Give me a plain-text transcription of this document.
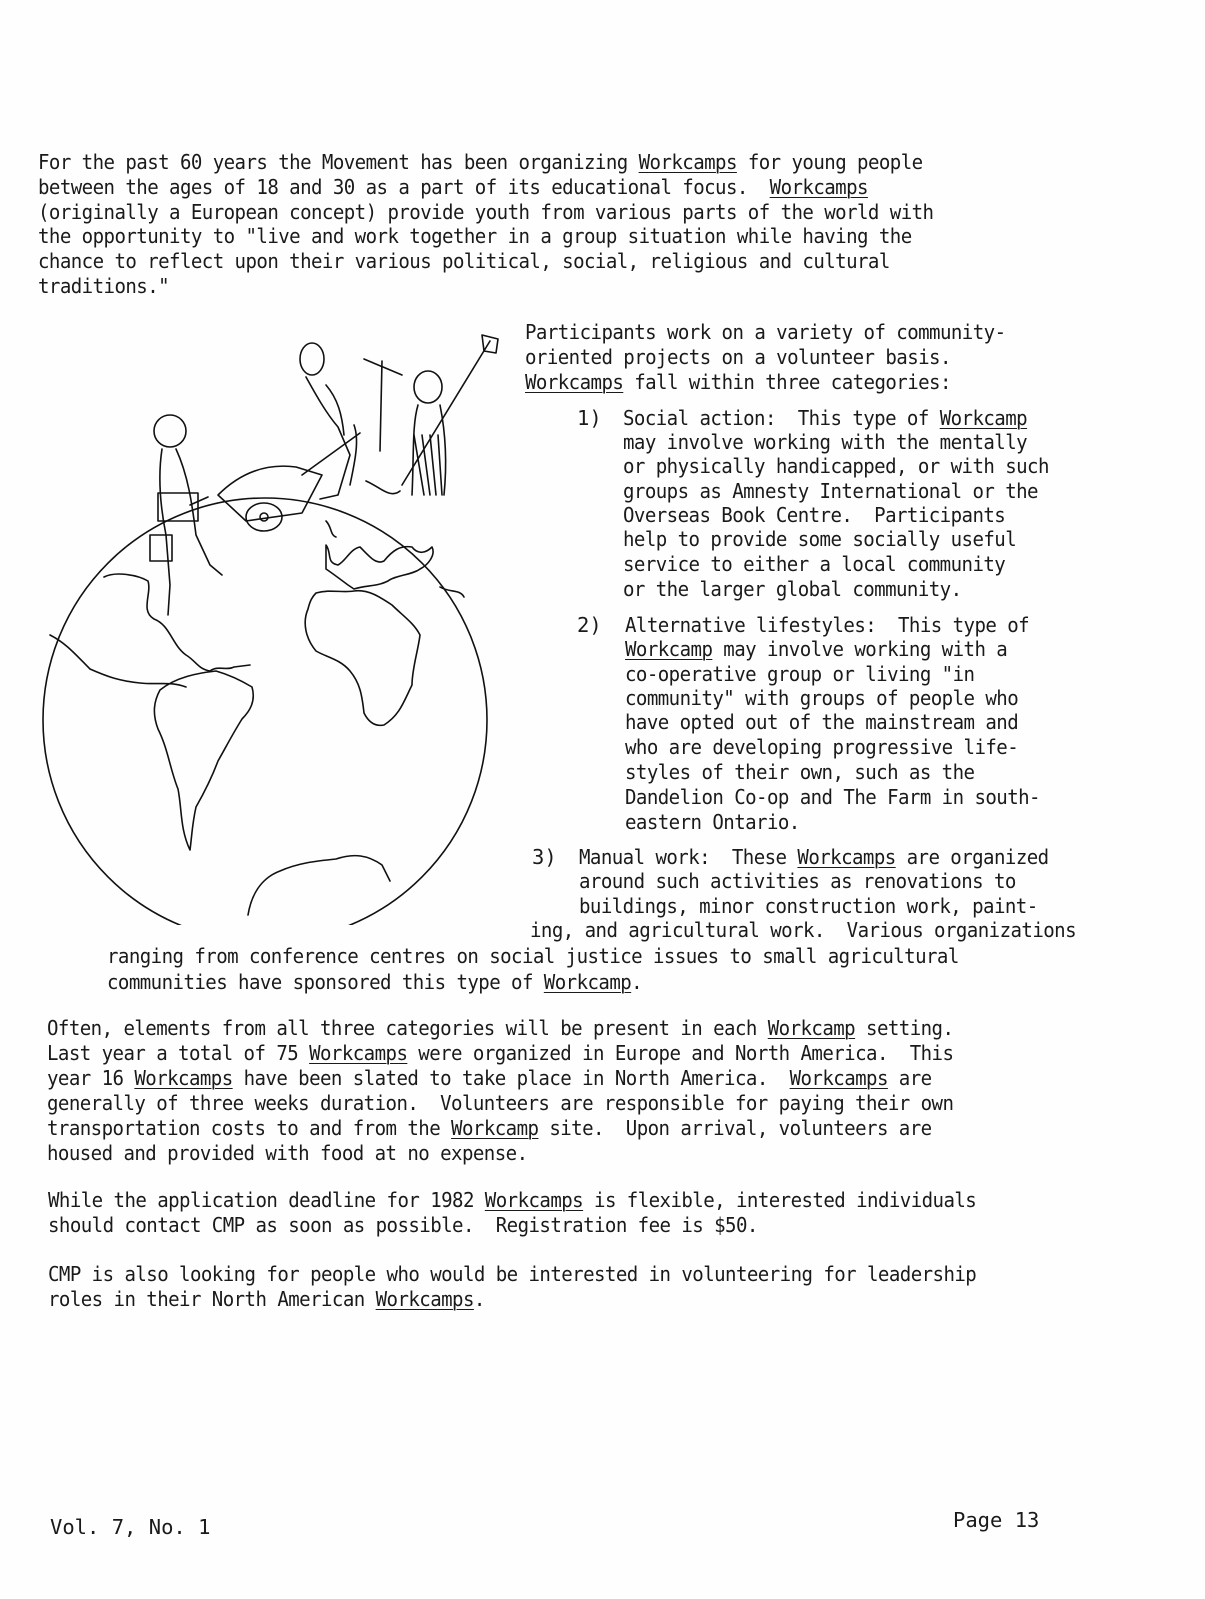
For the past 60 years the Movement has been organizing Workcamps for young people
between the ages of 18 and 30 as a part of its educational focus.  Workcamps
(originally a European concept) provide youth from various parts of the world with
the opportunity to "live and work together in a group situation while having the
chance to reflect upon their various political, social, religious and cultural
traditions."
Participants work on a variety of community-
oriented projects on a volunteer basis.
Workcamps fall within three categories:
1) Social action:  This type of Workcamp
may involve working with the mentally
or physically handicapped, or with such
groups as Amnesty International or the
Overseas Book Centre.  Participants
help to provide some socially useful
service to either a local community
or the larger global community.
2) Alternative lifestyles:  This type of
Workcamp may involve working with a
co-operative group or living "in
community" with groups of people who
have opted out of the mainstream and
who are developing progressive life-
styles of their own, such as the
Dandelion Co-op and The Farm in south-
eastern Ontario.
3) Manual work:  These Workcamps are organized
around such activities as renovations to
buildings, minor construction work, paint-
ing, and agricultural work.  Various organizations
ranging from conference centres on social justice issues to small agricultural
communities have sponsored this type of Workcamp.
Often, elements from all three categories will be present in each Workcamp setting.
Last year a total of 75 Workcamps were organized in Europe and North America.  This
year 16 Workcamps have been slated to take place in North America.  Workcamps are
generally of three weeks duration.  Volunteers are responsible for paying their own
transportation costs to and from the Workcamp site.  Upon arrival, volunteers are
housed and provided with food at no expense.
While the application deadline for 1982 Workcamps is flexible, interested individuals
should contact CMP as soon as possible.  Registration fee is $50.
CMP is also looking for people who would be interested in volunteering for leadership
roles in their North American Workcamps.
Vol. 7, No. 1	Page 13
